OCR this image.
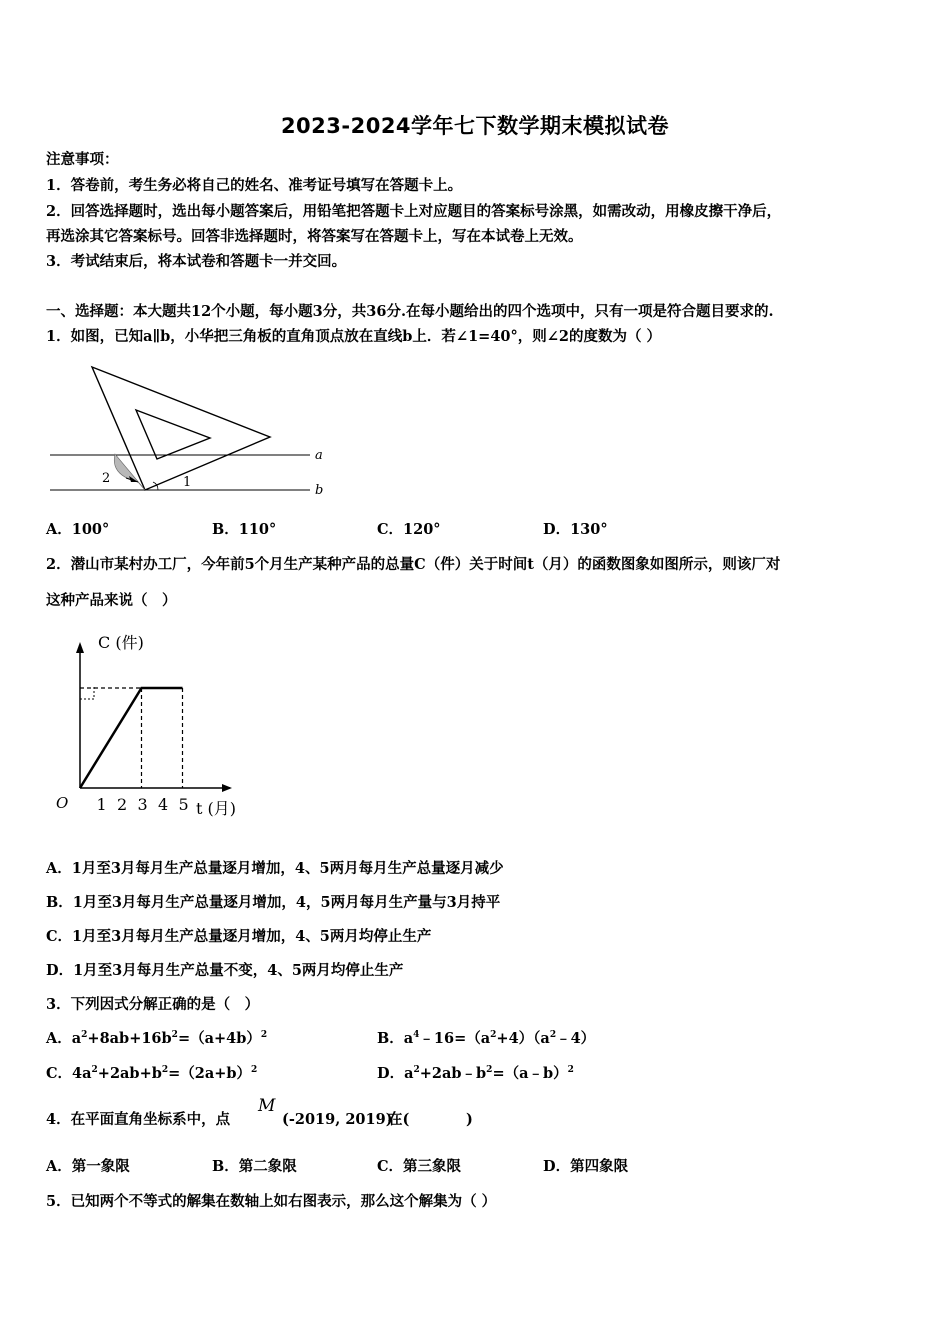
2023-2024学年七下数学期末模拟试卷
注意事项：
1．答卷前，考生务必将自己的姓名、准考证号填写在答题卡上。
2．回答选择题时，选出每小题答案后，用铅笔把答题卡上对应题目的答案标号涂黑，如需改动，用橡皮擦干净后，
再选涂其它答案标号。回答非选择题时，将答案写在答题卡上，写在本试卷上无效。
3．考试结束后，将本试卷和答题卡一并交回。
一、选择题：本大题共12个小题，每小题3分，共36分.在每小题给出的四个选项中，只有一项是符合题目要求的.
1．如图，已知a∥b，小华把三角板的直角顶点放在直线b上．若∠1=40°，则∠2的度数为（ ）
a
b
1
2
A．100°	B．110°	C．120°	D．130°
2．潜山市某村办工厂，今年前5个月生产某种产品的总量C（件）关于时间t（月）的函数图象如图所示，则该厂对
这种产品来说（　）
1 2 3 4 5
C (件)
t (月)
O
A．1月至3月每月生产总量逐月增加，4、5两月每月生产总量逐月减少
B．1月至3月每月生产总量逐月增加，4，5两月每月生产量与3月持平
C．1月至3月每月生产总量逐月增加，4、5两月均停止生产
D．1月至3月每月生产总量不变，4、5两月均停止生产
3．下列因式分解正确的是（　）
A．$a^2+8ab+16b^2=(a+4b)^2$	B．$a^4﹣16=(a^2+4)(a^2﹣4)$
C．$4a^2+2ab+b^2=(2a+b)^2$	D．$a^2+2ab﹣b^2=(a﹣b)^2$
4．在平面直角坐标系中，点
M
(-2019, 2019)
在(	)
A．第一象限	B．第二象限	C．第三象限	D．第四象限
5．已知两个不等式的解集在数轴上如右图表示，那么这个解集为（ ）
